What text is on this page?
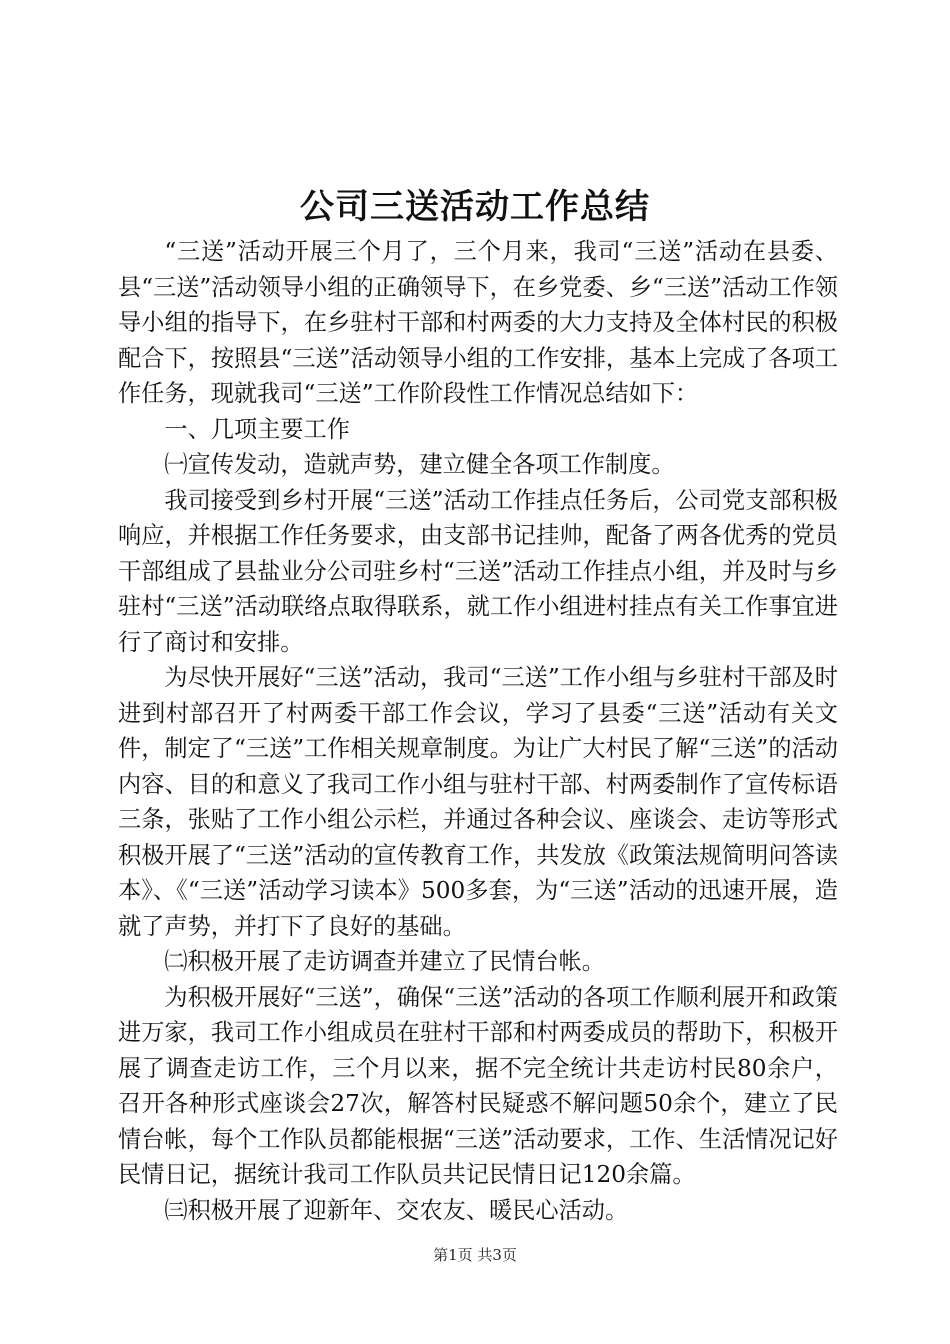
公司三送活动工作总结

“三送”活动开展三个月了，三个月来，我司“三送”活动在县委、县“三送”活动领导小组的正确领导下，在乡党委、乡“三送”活动工作领导小组的指导下，在乡驻村干部和村两委的大力支持及全体村民的积极配合下，按照县“三送”活动领导小组的工作安排，基本上完成了各项工作任务，现就我司“三送”工作阶段性工作情况总结如下：

一、几项主要工作

㈠宣传发动，造就声势，建立健全各项工作制度。

我司接受到乡村开展“三送”活动工作挂点任务后，公司党支部积极响应，并根据工作任务要求，由支部书记挂帅，配备了两各优秀的党员干部组成了县盐业分公司驻乡村“三送”活动工作挂点小组，并及时与乡驻村“三送”活动联络点取得联系，就工作小组进村挂点有关工作事宜进行了商讨和安排。

为尽快开展好“三送”活动，我司“三送”工作小组与乡驻村干部及时进到村部召开了村两委干部工作会议，学习了县委“三送”活动有关文件，制定了“三送”工作相关规章制度。为让广大村民了解“三送”的活动内容、目的和意义了我司工作小组与驻村干部、村两委制作了宣传标语三条，张贴了工作小组公示栏，并通过各种会议、座谈会、走访等形式积极开展了“三送”活动的宣传教育工作，共发放《政策法规简明问答读本》、《“三送”活动学习读本》500多套，为“三送”活动的迅速开展，造就了声势，并打下了良好的基础。

㈡积极开展了走访调查并建立了民情台帐。

为积极开展好“三送”，确保“三送”活动的各项工作顺利展开和政策进万家，我司工作小组成员在驻村干部和村两委成员的帮助下，积极开展了调查走访工作，三个月以来，据不完全统计共走访村民80余户，召开各种形式座谈会27次，解答村民疑惑不解问题50余个，建立了民情台帐，每个工作队员都能根据“三送”活动要求，工作、生活情况记好民情日记，据统计我司工作队员共记民情日记120余篇。

㈢积极开展了迎新年、交农友、暖民心活动。

第1页 共3页
